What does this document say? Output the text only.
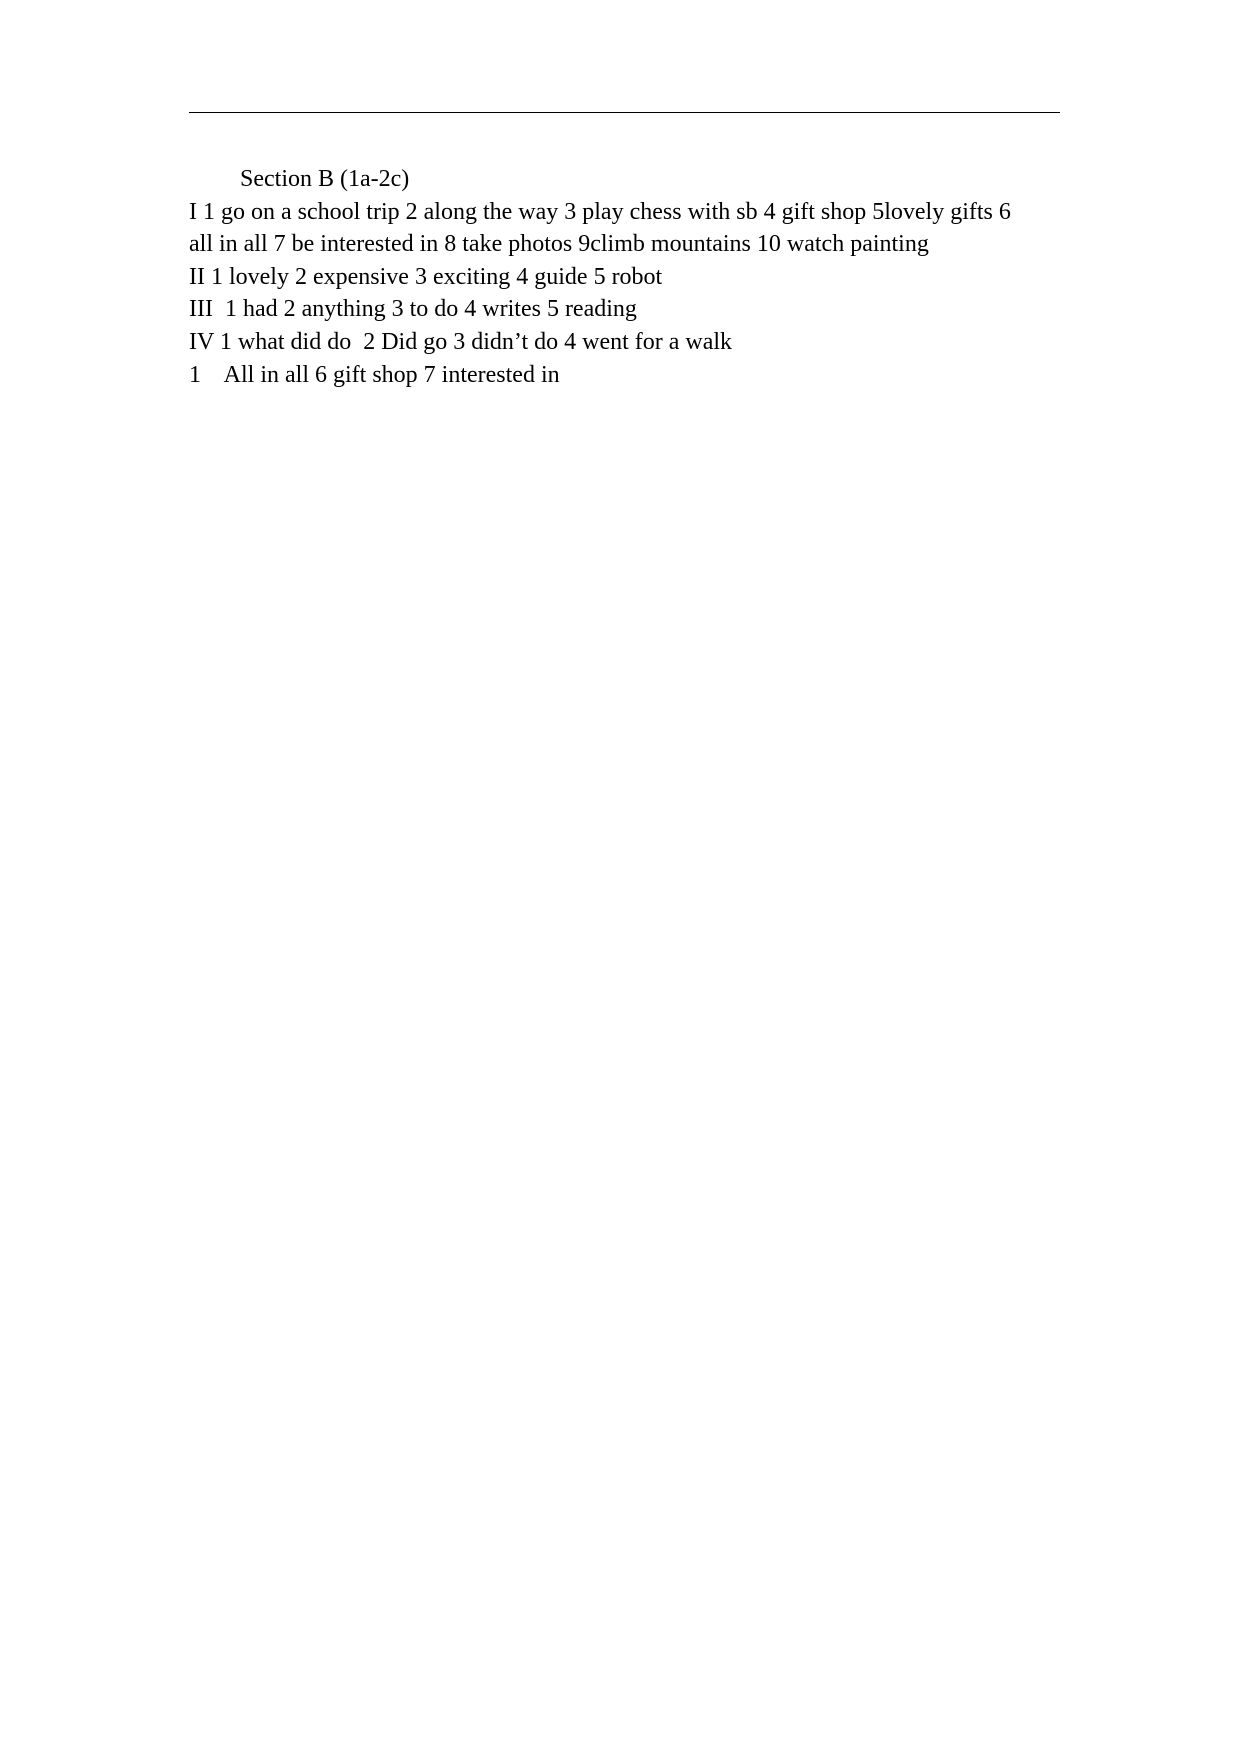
Section B (1a-2c)

I 1 go on a school trip 2 along the way 3 play chess with sb 4 gift shop 5lovely gifts 6

all in all 7 be interested in 8 take photos 9climb mountains 10 watch painting

II 1 lovely 2 expensive 3 exciting 4 guide 5 robot

III  1 had 2 anything 3 to do 4 writes 5 reading

IV 1 what did do  2 Did go 3 didn’t do 4 went for a walk

1    All in all 6 gift shop 7 interested in
